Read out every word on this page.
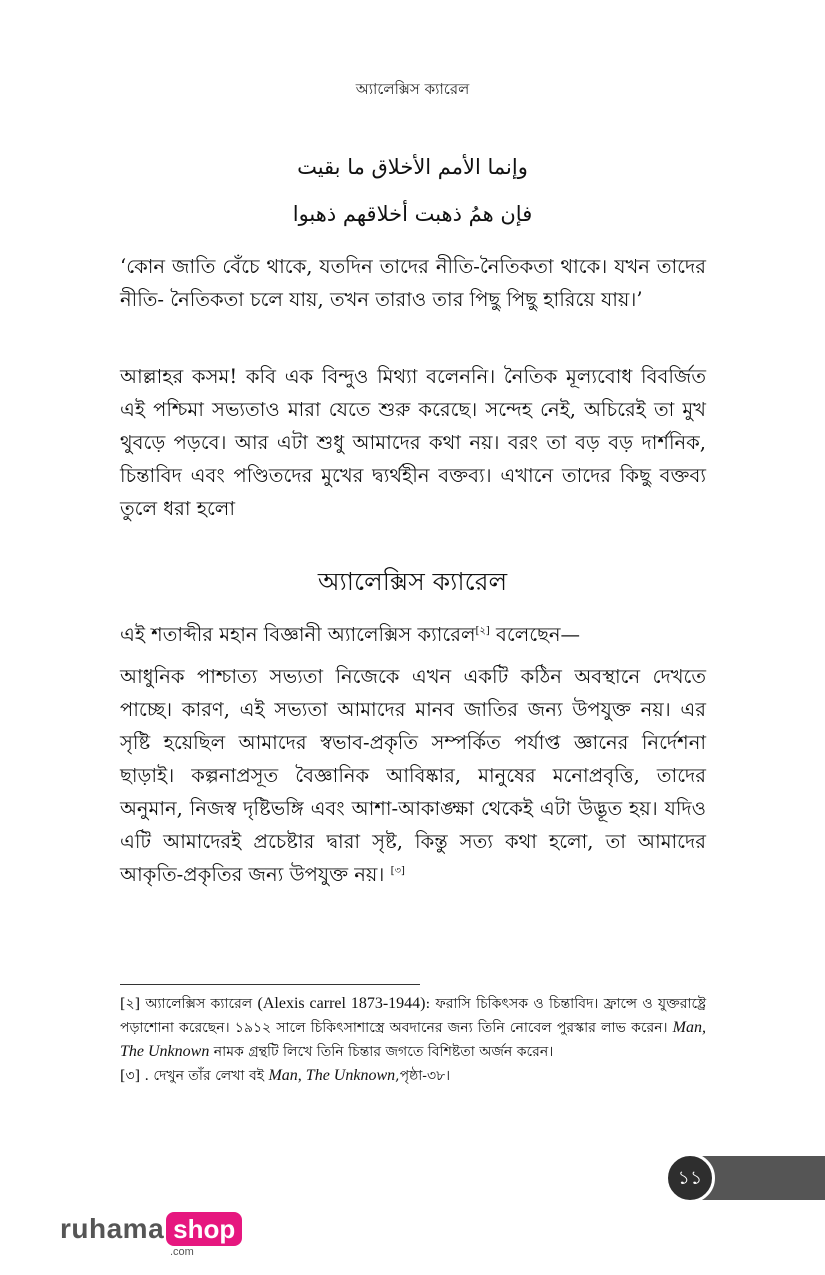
অ্যালেক্সিস ক্যারেল
وإنما الأمم الأخلاق ما بقيت
فإن همُ ذهبت أخلاقهم ذهبوا

‘কোন জাতি বেঁচে থাকে, যতদিন তাদের নীতি-নৈতিকতা থাকে। যখন তাদের নীতি- নৈতিকতা চলে যায়, তখন তারাও তার পিছু পিছু হারিয়ে যায়।’

আল্লাহর কসম! কবি এক বিন্দুও মিথ্যা বলেননি। নৈতিক মূল্যবোধ বিবর্জিত এই পশ্চিমা সভ্যতাও মারা যেতে শুরু করেছে। সন্দেহ নেই, অচিরেই তা মুখ থুবড়ে পড়বে। আর এটা শুধু আমাদের কথা নয়। বরং তা বড় বড় দার্শনিক, চিন্তাবিদ এবং পণ্ডিতদের মুখের দ্ব্যর্থহীন বক্তব্য। এখানে তাদের কিছু বক্তব্য তুলে ধরা হলো

অ্যালেক্সিস ক্যারেল

এই শতাব্দীর মহান বিজ্ঞানী অ্যালেক্সিস ক্যারেল[২] বলেছেন—

আধুনিক পাশ্চাত্য সভ্যতা নিজেকে এখন একটি কঠিন অবস্থানে দেখতে পাচ্ছে। কারণ, এই সভ্যতা আমাদের মানব জাতির জন্য উপযুক্ত নয়। এর সৃষ্টি হয়েছিল আমাদের স্বভাব-প্রকৃতি সম্পর্কিত পর্যাপ্ত জ্ঞানের নির্দেশনা ছাড়াই। কল্পনাপ্রসূত বৈজ্ঞানিক আবিষ্কার, মানুষের মনোপ্রবৃত্তি, তাদের অনুমান, নিজস্ব দৃষ্টিভঙ্গি এবং আশা-আকাঙ্ক্ষা থেকেই এটা উদ্ভূত হয়। যদিও এটি আমাদেরই প্রচেষ্টার দ্বারা সৃষ্ট, কিন্তু সত্য কথা হলো, তা আমাদের আকৃতি-প্রকৃতির জন্য উপযুক্ত নয়। [৩]

[২] অ্যালেক্সিস ক্যারেল (Alexis carrel 1873-1944): ফরাসি চিকিৎসক ও চিন্তাবিদ। ফ্রান্সে ও যুক্তরাষ্ট্রে পড়াশোনা করেছেন। ১৯১২ সালে চিকিৎসাশাস্ত্রে অবদানের জন্য তিনি নোবেল পুরস্কার লাভ করেন। Man, The Unknown নামক গ্রন্থটি লিখে তিনি চিন্তার জগতে বিশিষ্টতা অর্জন করেন।

[৩] . দেখুন তাঁর লেখা বই Man, The Unknown,পৃষ্ঠা-৩৮।

১১
ruhama shop
.com
